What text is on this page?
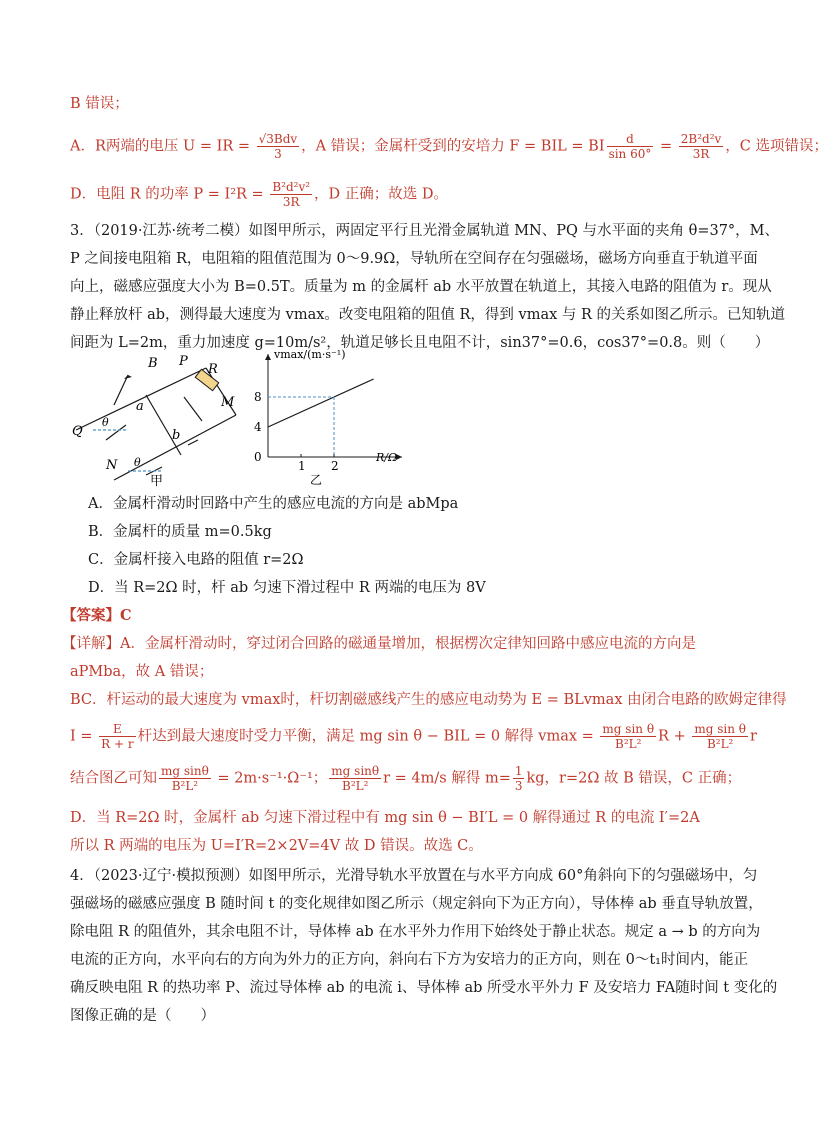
B 错误；
A．R两端的电压 U = IR = $\frac{\text{√3Bdv}}{3}$ ，A 错误；金属杆受到的安培力 F = BIL = BI $\frac{d}{\sin 60^\circ} = \frac{\text{2B²d²v}}{3R}$ ，C 选项错误；
D．电阻 R 的功率 $P = I^2R = \frac{\text{B²d²v²}}{3R}$ ，D 正确；故选 D。
3．（2019·江苏·统考二模）如图甲所示，两固定平行且光滑金属轨道 MN、PQ 与水平面的夹角 θ=37°，M、
P 之间接电阻箱 R，电阻箱的阻值范围为 0～9.9Ω，导轨所在空间存在匀强磁场，磁场方向垂直于轨道平面
向上，磁感应强度大小为 B=0.5T。质量为 m 的金属杆 ab 水平放置在轨道上，其接入电路的阻值为 r。现从
静止释放杆 ab，测得最大速度为 vmax。改变电阻箱的阻值 R，得到 vmax 与 R 的关系如图乙所示。已知轨道
间距为 L=2m，重力加速度 g=10m/s²，轨道足够长且电阻不计，sin37°=0.6，cos37°=0.8。则（　　）
B P
R
M
a
b
Q
N
θ
θ
甲
8
4
0
1 2
vmax/(m·s⁻¹)
R/Ω
乙
A．金属杆滑动时回路中产生的感应电流的方向是 abMpa
B．金属杆的质量 m=0.5kg
C．金属杆接入电路的阻值 r=2Ω
D．当 R=2Ω 时，杆 ab 匀速下滑过程中 R 两端的电压为 8V
【答案】C
【详解】A．金属杆滑动时，穿过闭合回路的磁通量增加，根据楞次定律知回路中感应电流的方向是
aPMba，故 A 错误；
BC．杆运动的最大速度为 vmax时，杆切割磁感线产生的感应电动势为 E = BLvmax 由闭合电路的欧姆定律得
$I = \frac{E}{R + r}$ 杆达到最大速度时受力平衡，满足 mg sin θ − BIL = 0 解得 $vmax = \frac{\text{mg sin θ}}{\text{B²L²}}$ $R + \frac{\text{mg sin θ}}{\text{B²L²}}$ r
结合图乙可知 $\frac{\text{mg sinθ}}{\text{B²L²}} = 2m\cdot s^{-1}\cdot\Omega^{-1}$； $\frac{\text{mg sinθ}}{\text{B²L²}}$ r = 4m/s 解得 $m= \frac{1}{3}$ kg，r=2Ω 故 B 错误，C 正确；
D．当 R=2Ω 时，金属杆 ab 匀速下滑过程中有 mg sin θ − BI′L = 0 解得通过 R 的电流 I′=2A
所以 R 两端的电压为 U=I′R=2×2V=4V 故 D 错误。故选 C。
4．（2023·辽宁·模拟预测）如图甲所示，光滑导轨水平放置在与水平方向成 60°角斜向下的匀强磁场中，匀
强磁场的磁感应强度 B 随时间 t 的变化规律如图乙所示（规定斜向下为正方向），导体棒 ab 垂直导轨放置，
除电阻 R 的阻值外，其余电阻不计，导体棒 ab 在水平外力作用下始终处于静止状态。规定 a → b 的方向为
电流的正方向，水平向右的方向为外力的正方向，斜向右下方为安培力的正方向，则在 0～t₁时间内，能正
确反映电阻 R 的热功率 P、流过导体棒 ab 的电流 i、导体棒 ab 所受水平外力 F 及安培力 FA随时间 t 变化的
图像正确的是（　　）
